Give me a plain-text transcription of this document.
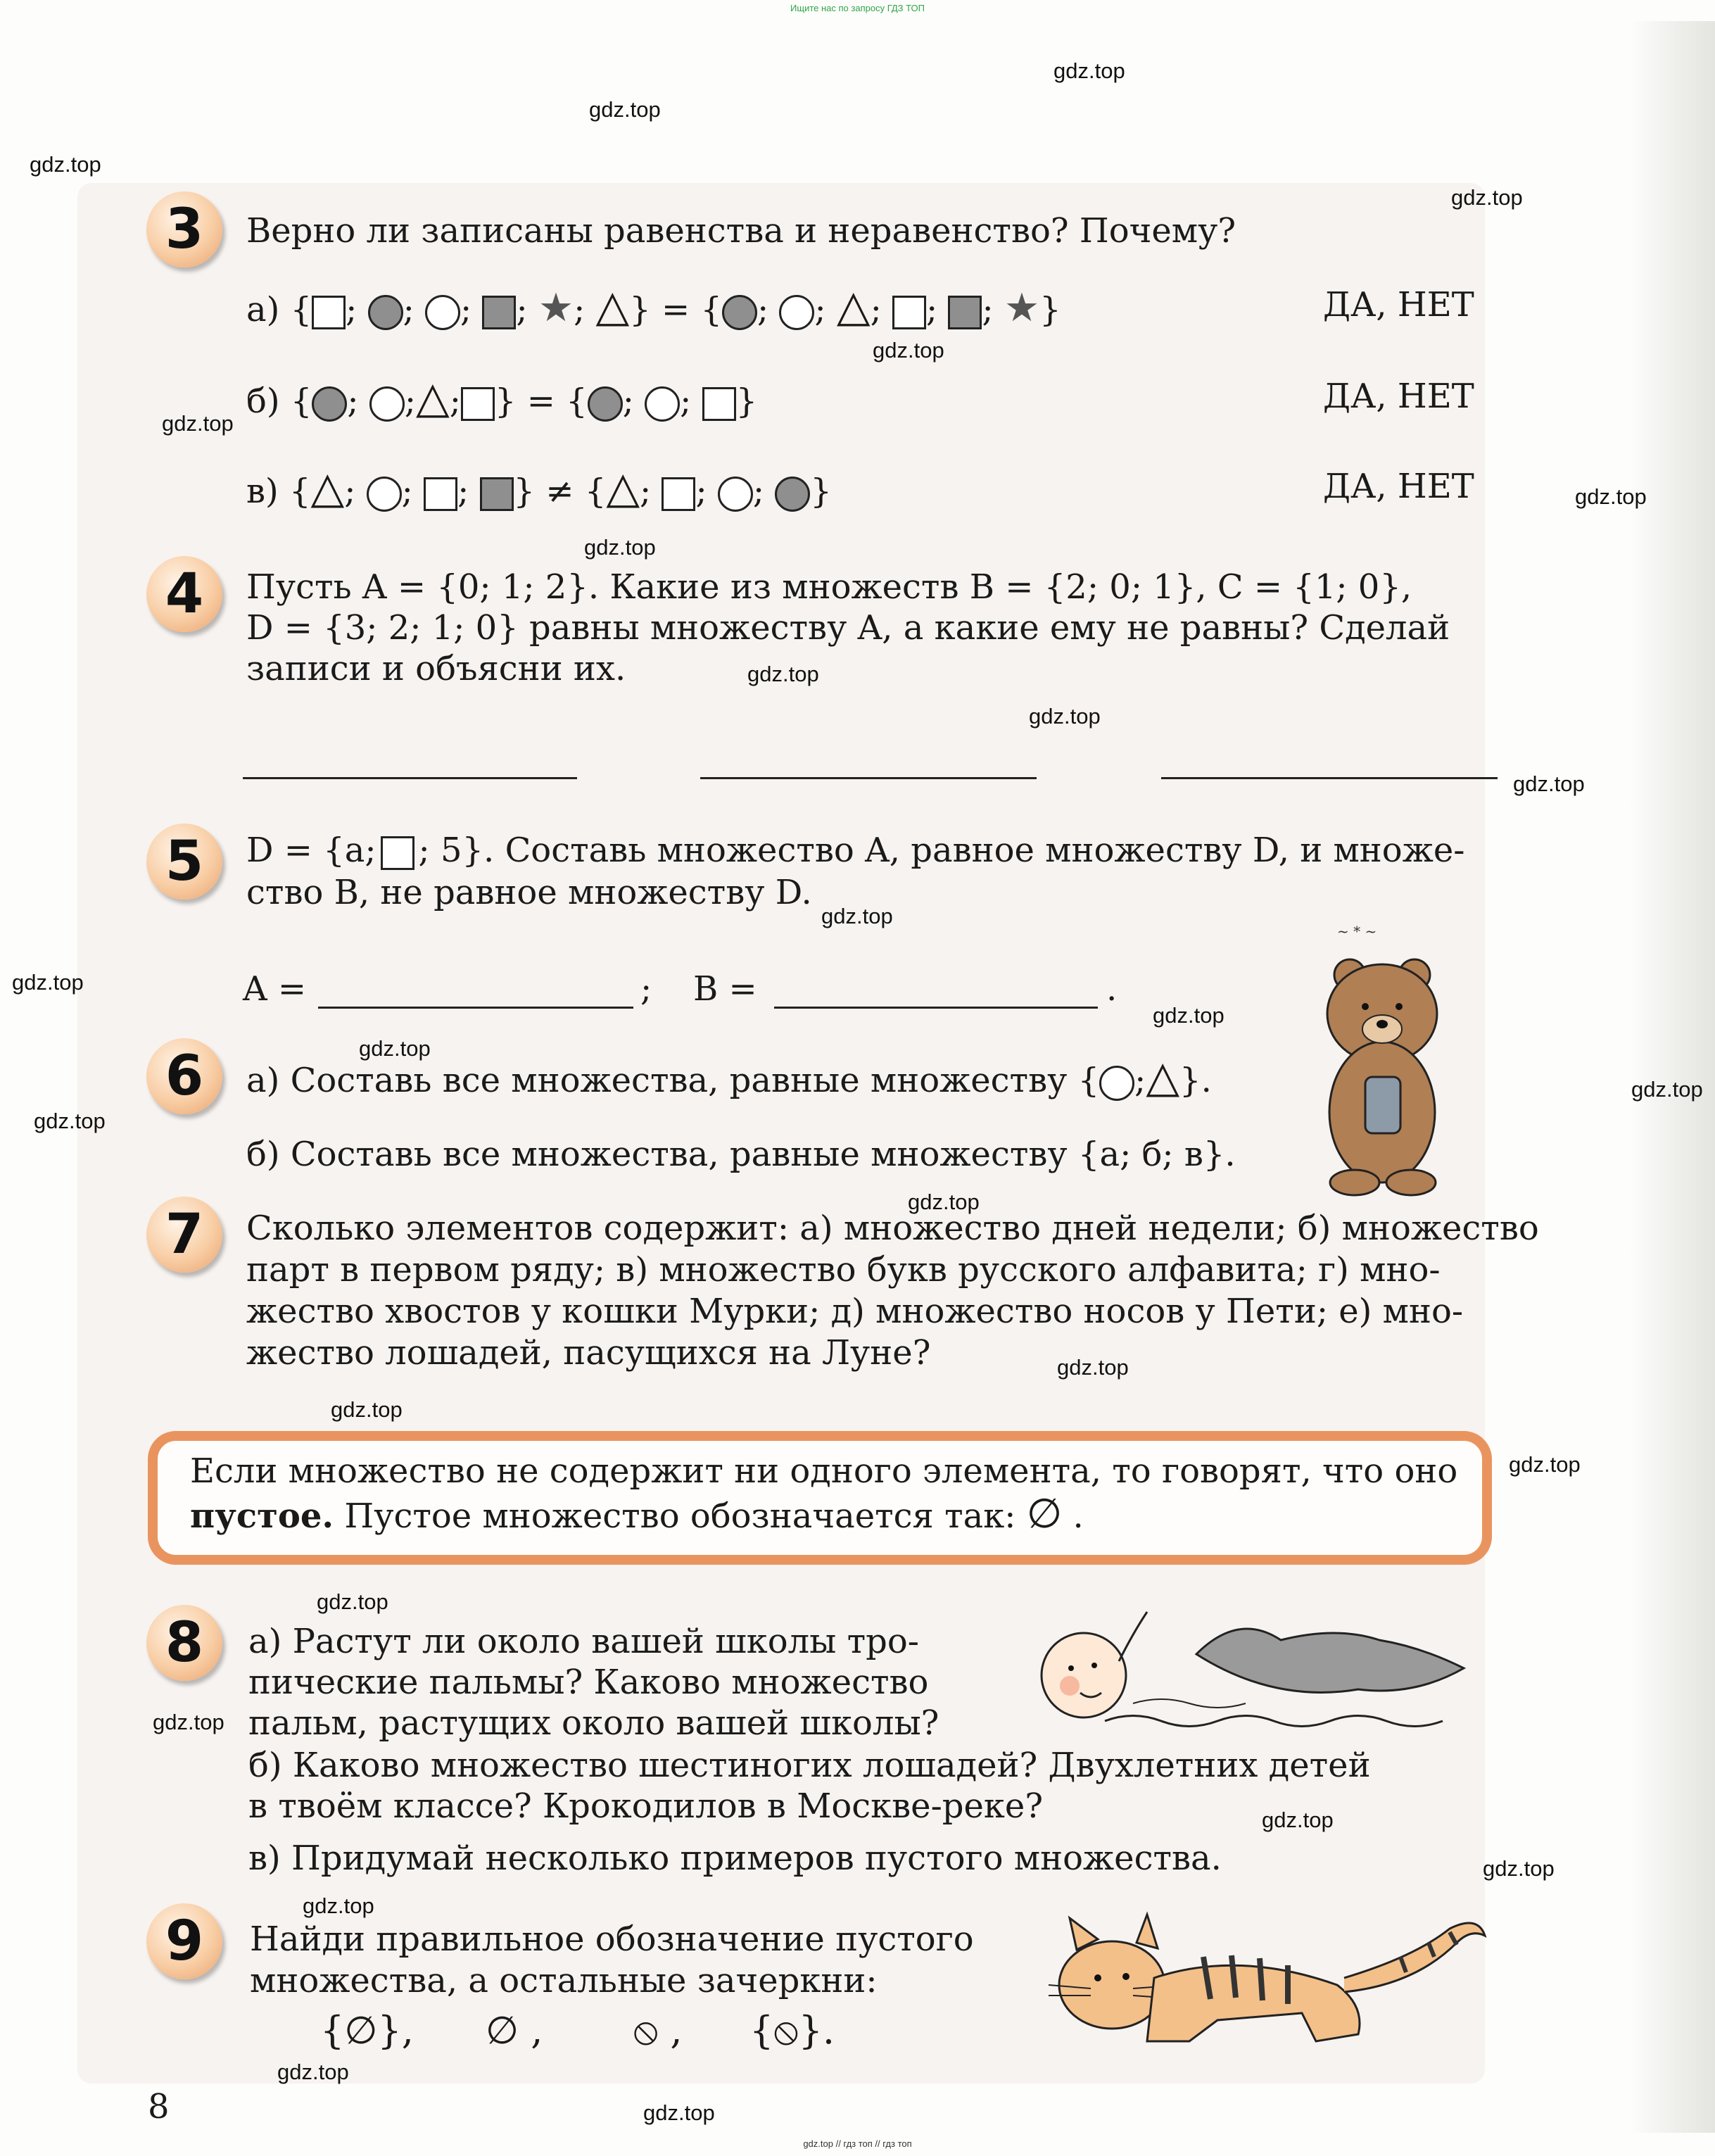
Ищите нас по запросу ГДЗ ТОП
gdz.top
gdz.top
gdz.top
gdz.top
gdz.top
gdz.top
gdz.top
gdz.top
gdz.top
gdz.top
gdz.top
gdz.top
gdz.top
gdz.top
gdz.top
gdz.top
gdz.top
gdz.top
gdz.top
gdz.top
gdz.top
gdz.top
gdz.top
gdz.top
gdz.top
gdz.top
gdz.top
gdz.top
3	Верно ли записаны равенства и неравенство? Почему?
а) { ; ; ; ; ★; △} = { ; ; △; ; ; ★}	ДА, НЕТ
б) { ; ;△; } = { ; ; }	ДА, НЕТ
в) {△; ; ; } ≠ {△; ; ; }	ДА, НЕТ
4	Пусть A = {0; 1; 2}. Какие из множеств B = {2; 0; 1}, C = {1; 0},
D = {3; 2; 1; 0} равны множеству A, а какие ему не равны? Сделай
записи и объясни их.
5	D = {a; ; 5}. Составь множество A, равное множеству D, и множе-
ство B, не равное множеству D.
A =	; B =	.
6	а) Составь все множества, равные множеству { ;△}.
б) Составь все множества, равные множеству {а; б; в}.
~ * ~
7	Сколько элементов содержит: а) множество дней недели; б) множество
парт в первом ряду; в) множество букв русского алфавита; г) мно-
жество хвостов у кошки Мурки; д) множество носов у Пети; е) мно-
жество лошадей, пасущихся на Луне?
Если множество не содержит ни одного элемента, то говорят, что оно
пустое. Пустое множество обозначается так: ∅ .
8	а) Растут ли около вашей школы тро-
пические пальмы? Каково множество
пальм, растущих около вашей школы?
б) Каково множество шестиногих лошадей? Двухлетних детей
в твоём классе? Крокодилов в Москве-реке?
в) Придумай несколько примеров пустого множества.
9	Найди правильное обозначение пустого
множества, а остальные зачеркни:
{∅}, ∅ , ⦸ , {⦸}.
8
gdz.top // гдз топ // гдз топ
